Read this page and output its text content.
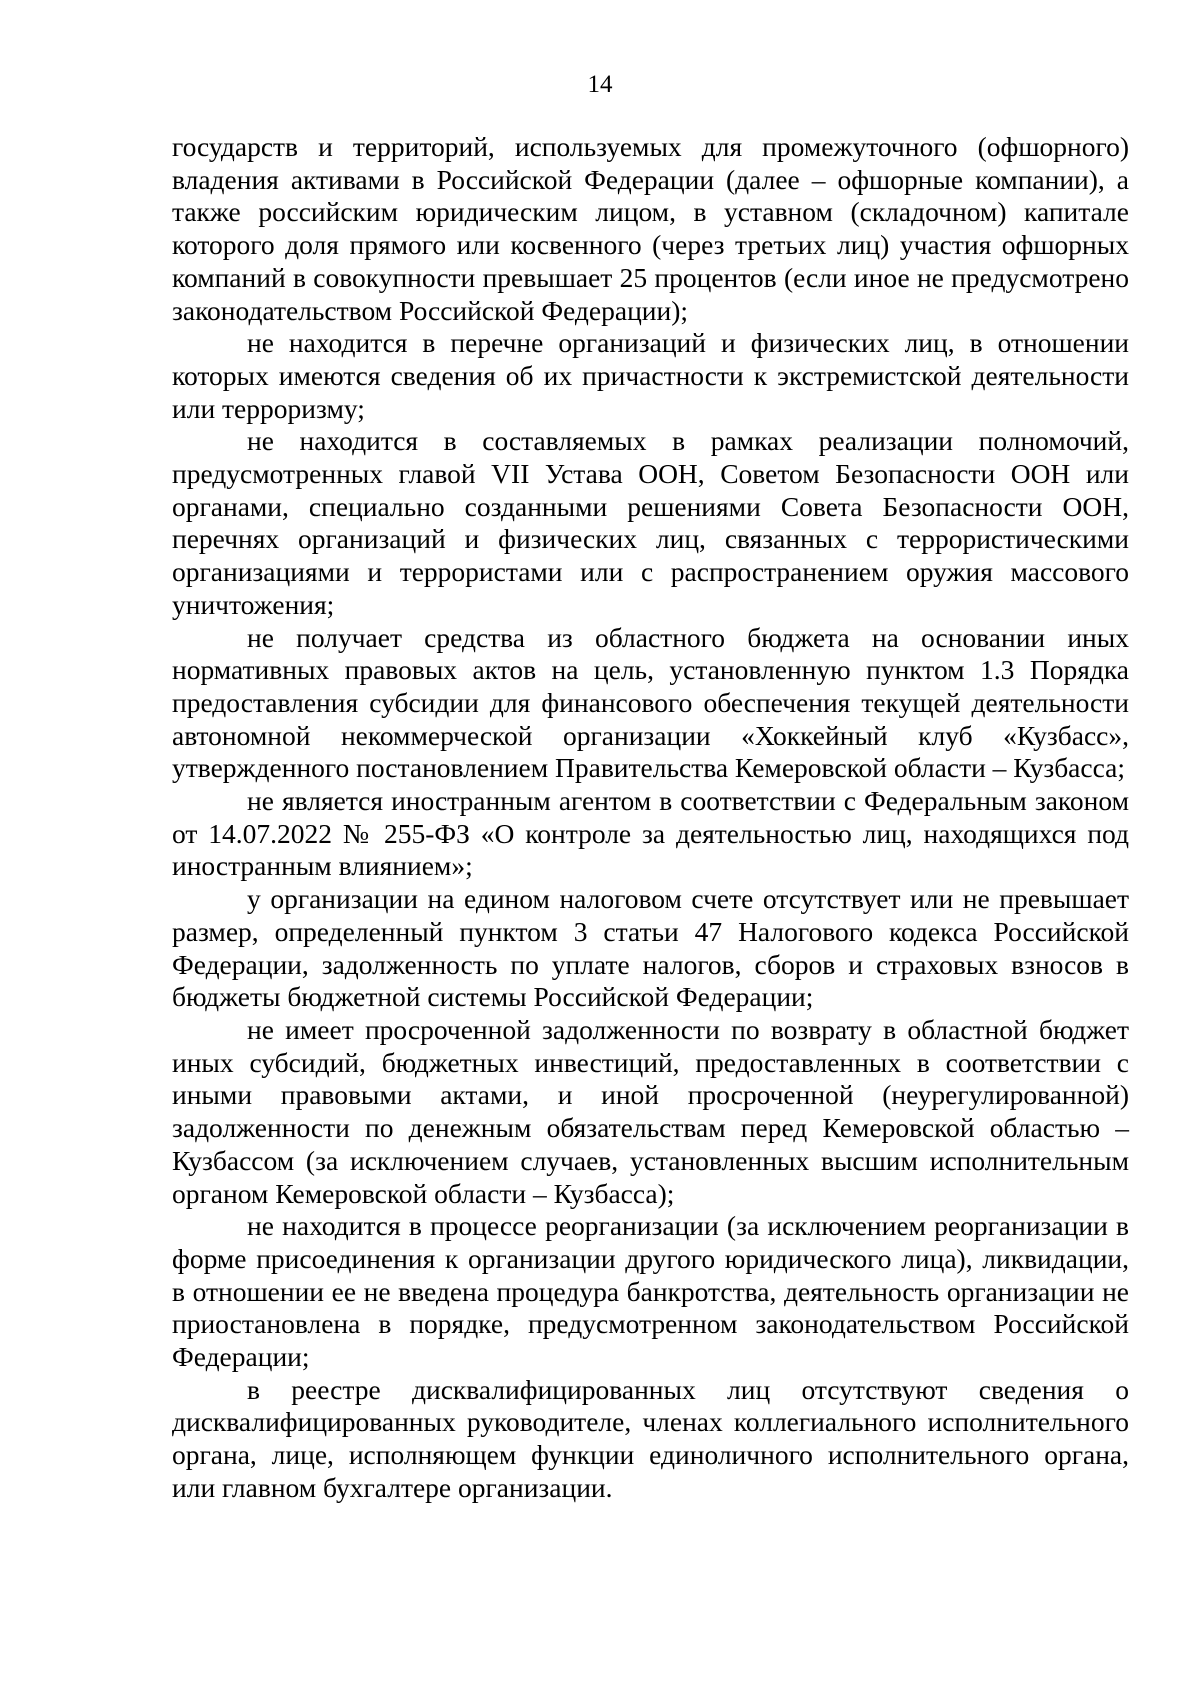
14

государств и территорий, используемых для промежуточного (офшорного) владения активами в Российской Федерации (далее – офшорные компании), а также российским юридическим лицом, в уставном (складочном) капитале которого доля прямого или косвенного (через третьих лиц) участия офшорных компаний в совокупности превышает 25 процентов (если иное не предусмотрено законодательством Российской Федерации);

не находится в перечне организаций и физических лиц, в отношении которых имеются сведения об их причастности к экстремистской деятельности или терроризму;

не находится в составляемых в рамках реализации полномочий, предусмотренных главой VII Устава ООН, Советом Безопасности ООН или органами, специально созданными решениями Совета Безопасности ООН, перечнях организаций и физических лиц, связанных с террористическими организациями и террористами или с распространением оружия массового уничтожения;

не получает средства из областного бюджета на основании иных нормативных правовых актов на цель, установленную пунктом 1.3 Порядка предоставления субсидии для финансового обеспечения текущей деятельности автономной некоммерческой организации «Хоккейный клуб «Кузбасс», утвержденного постановлением Правительства Кемеровской области – Кузбасса;

не является иностранным агентом в соответствии с Федеральным законом от 14.07.2022 № 255-ФЗ «О контроле за деятельностью лиц, находящихся под иностранным влиянием»;

у организации на едином налоговом счете отсутствует или не превышает размер, определенный пунктом 3 статьи 47 Налогового кодекса Российской Федерации, задолженность по уплате налогов, сборов и страховых взносов в бюджеты бюджетной системы Российской Федерации;

не имеет просроченной задолженности по возврату в областной бюджет иных субсидий, бюджетных инвестиций, предоставленных в соответствии с иными правовыми актами, и иной просроченной (неурегулированной) задолженности по денежным обязательствам перед Кемеровской областью – Кузбассом (за исключением случаев, установленных высшим исполнительным органом Кемеровской области – Кузбасса);

не находится в процессе реорганизации (за исключением реорганизации в форме присоединения к организации другого юридического лица), ликвидации, в отношении ее не введена процедура банкротства, деятельность организации не приостановлена в порядке, предусмотренном законодательством Российской Федерации;

в реестре дисквалифицированных лиц отсутствуют сведения о дисквалифицированных руководителе, членах коллегиального исполнительного органа, лице, исполняющем функции единоличного исполнительного органа, или главном бухгалтере организации.
